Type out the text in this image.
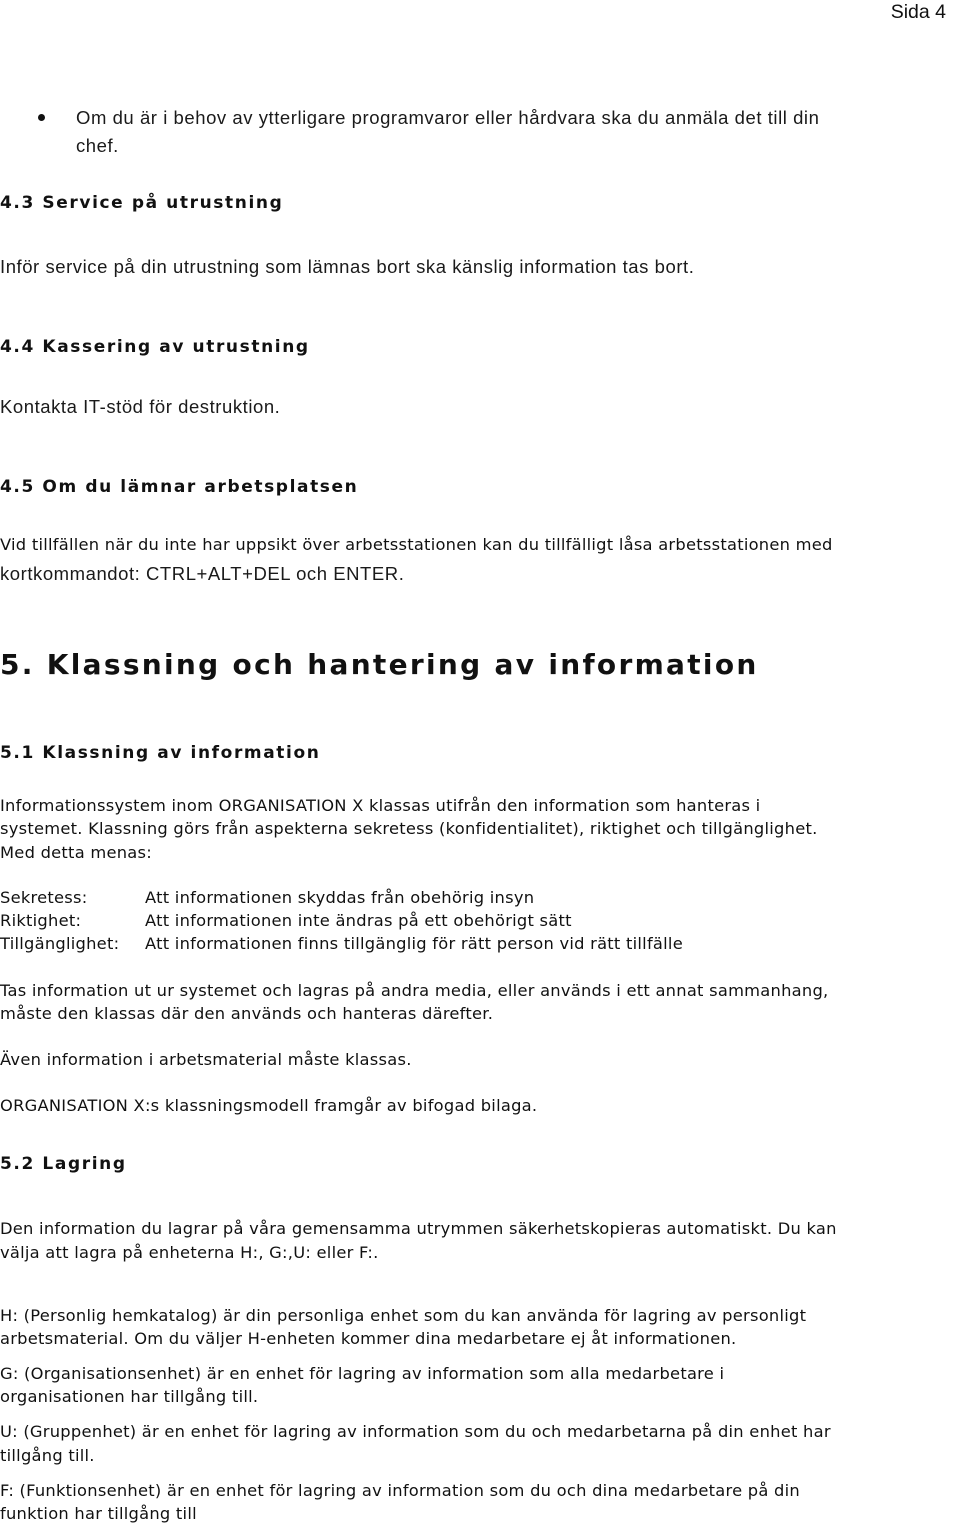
Sida 4
Om du är i behov av ytterligare programvaror eller hårdvara ska du anmäla det till din
chef.
4.3 Service på utrustning
Inför service på din utrustning som lämnas bort ska känslig information tas bort.
4.4 Kassering av utrustning
Kontakta IT-stöd för destruktion.
4.5 Om du lämnar arbetsplatsen
Vid tillfällen när du inte har uppsikt över arbetsstationen kan du tillfälligt låsa arbetsstationen med
kortkommandot: CTRL+ALT+DEL och ENTER.
5. Klassning och hantering av information
5.1 Klassning av information
Informationssystem inom ORGANISATION X klassas utifrån den information som hanteras i
systemet. Klassning görs från aspekterna sekretess (konfidentialitet), riktighet och tillgänglighet.
Med detta menas:
Sekretess:	Att informationen skyddas från obehörig insyn
Riktighet:	Att informationen inte ändras på ett obehörigt sätt
Tillgänglighet: Att informationen finns tillgänglig för rätt person vid rätt tillfälle
Tas information ut ur systemet och lagras på andra media, eller används i ett annat sammanhang,
måste den klassas där den används och hanteras därefter.
Även information i arbetsmaterial måste klassas.
ORGANISATION X:s klassningsmodell framgår av bifogad bilaga.
5.2 Lagring
Den information du lagrar på våra gemensamma utrymmen säkerhetskopieras automatiskt. Du kan
välja att lagra på enheterna H:, G:,U: eller F:.
H: (Personlig hemkatalog) är din personliga enhet som du kan använda för lagring av personligt
arbetsmaterial. Om du väljer H-enheten kommer dina medarbetare ej åt informationen.
G: (Organisationsenhet) är en enhet för lagring av information som alla medarbetare i
organisationen har tillgång till.
U: (Gruppenhet) är en enhet för lagring av information som du och medarbetarna på din enhet har
tillgång till.
F: (Funktionsenhet) är en enhet för lagring av information som du och dina medarbetare på din
funktion har tillgång till
